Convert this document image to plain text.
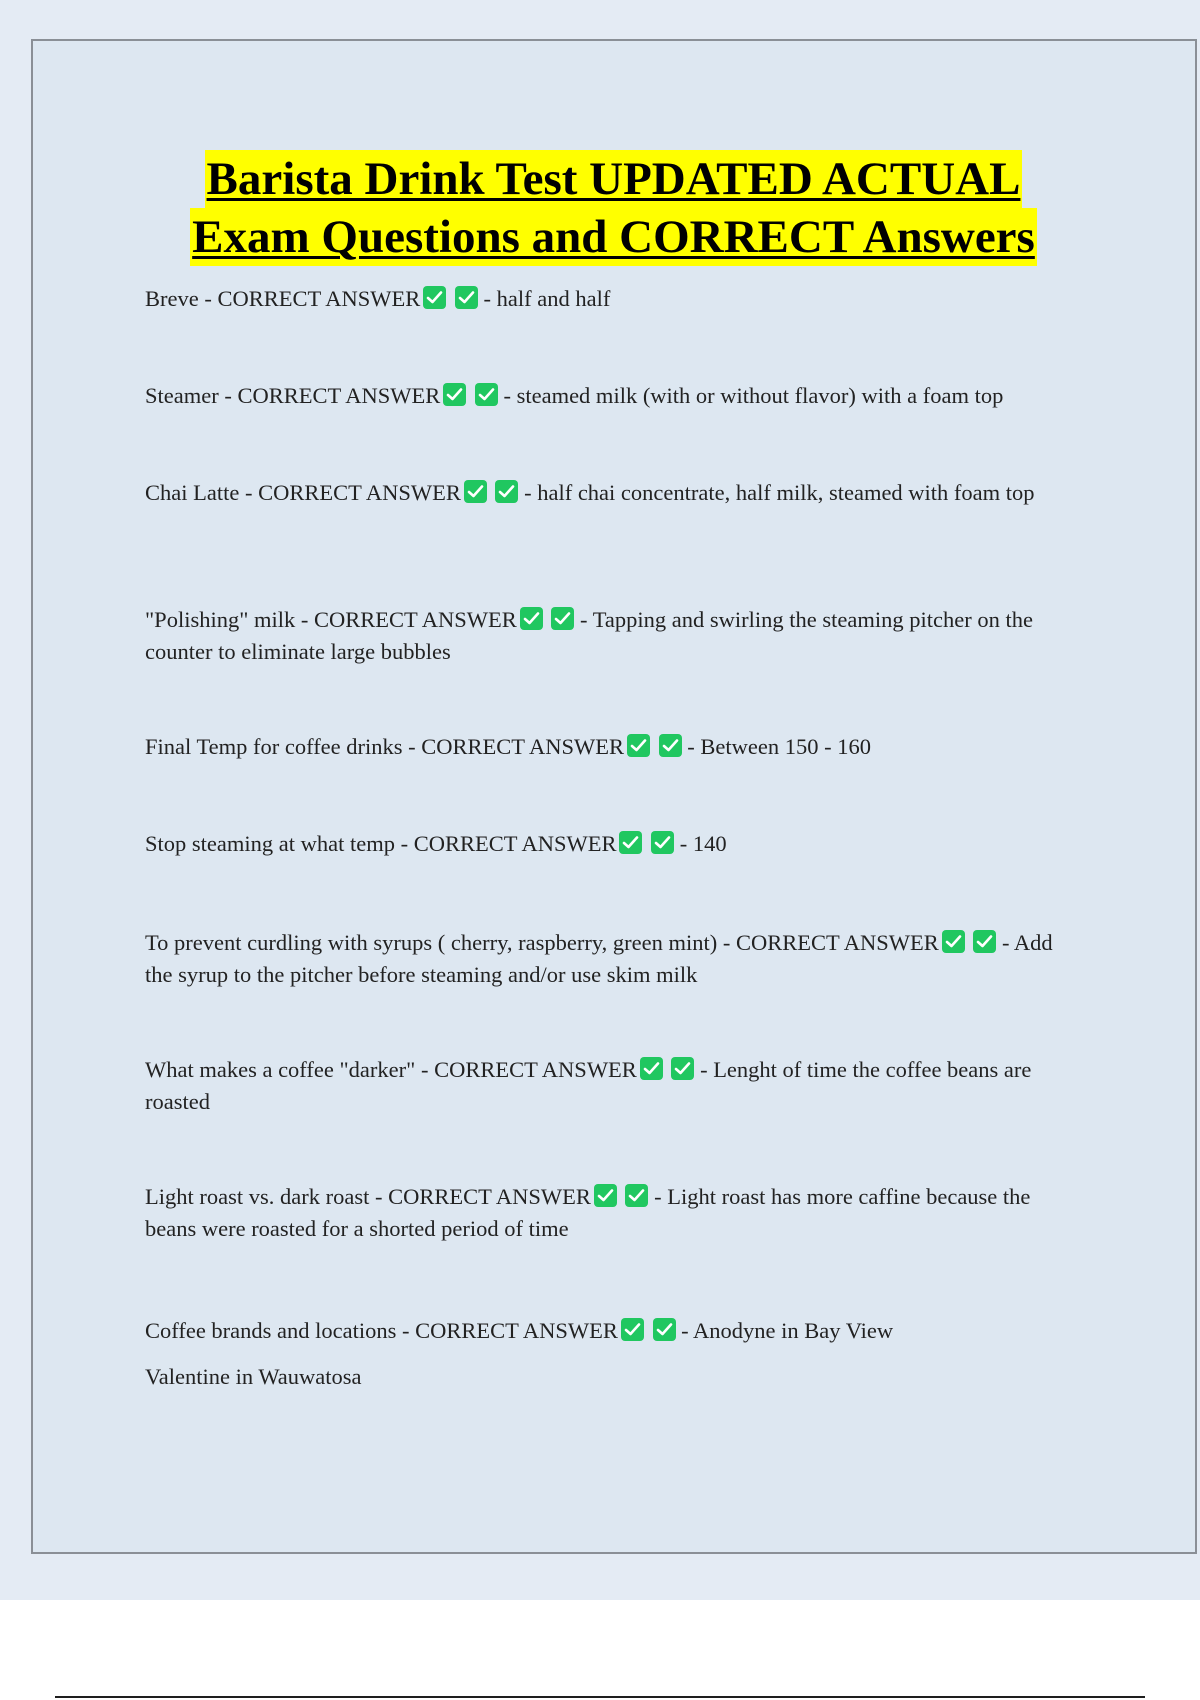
Barista Drink Test UPDATED ACTUAL
Exam Questions and CORRECT Answers
Breve - CORRECT ANSWER
	- half and half
Steamer - CORRECT ANSWER
	- steamed milk (with or without flavor) with a foam top
Chai Latte - CORRECT ANSWER
	- half chai concentrate, half milk, steamed with foam top
"Polishing" milk - CORRECT ANSWER
	- Tapping and swirling the steaming pitcher on the counter to eliminate large bubbles
Final Temp for coffee drinks - CORRECT ANSWER
	- Between 150 - 160
Stop steaming at what temp - CORRECT ANSWER
	- 140
To prevent curdling with syrups ( cherry, raspberry, green mint) - CORRECT ANSWER
	- Add the syrup to the pitcher before steaming and/or use skim milk
What makes a coffee "darker" - CORRECT ANSWER
	- Lenght of time the coffee beans are roasted
Light roast vs. dark roast - CORRECT ANSWER
	- Light roast has more caffine because the beans were roasted for a shorted period of time
Coffee brands and locations - CORRECT ANSWER
	- Anodyne in Bay View
Valentine in Wauwatosa
